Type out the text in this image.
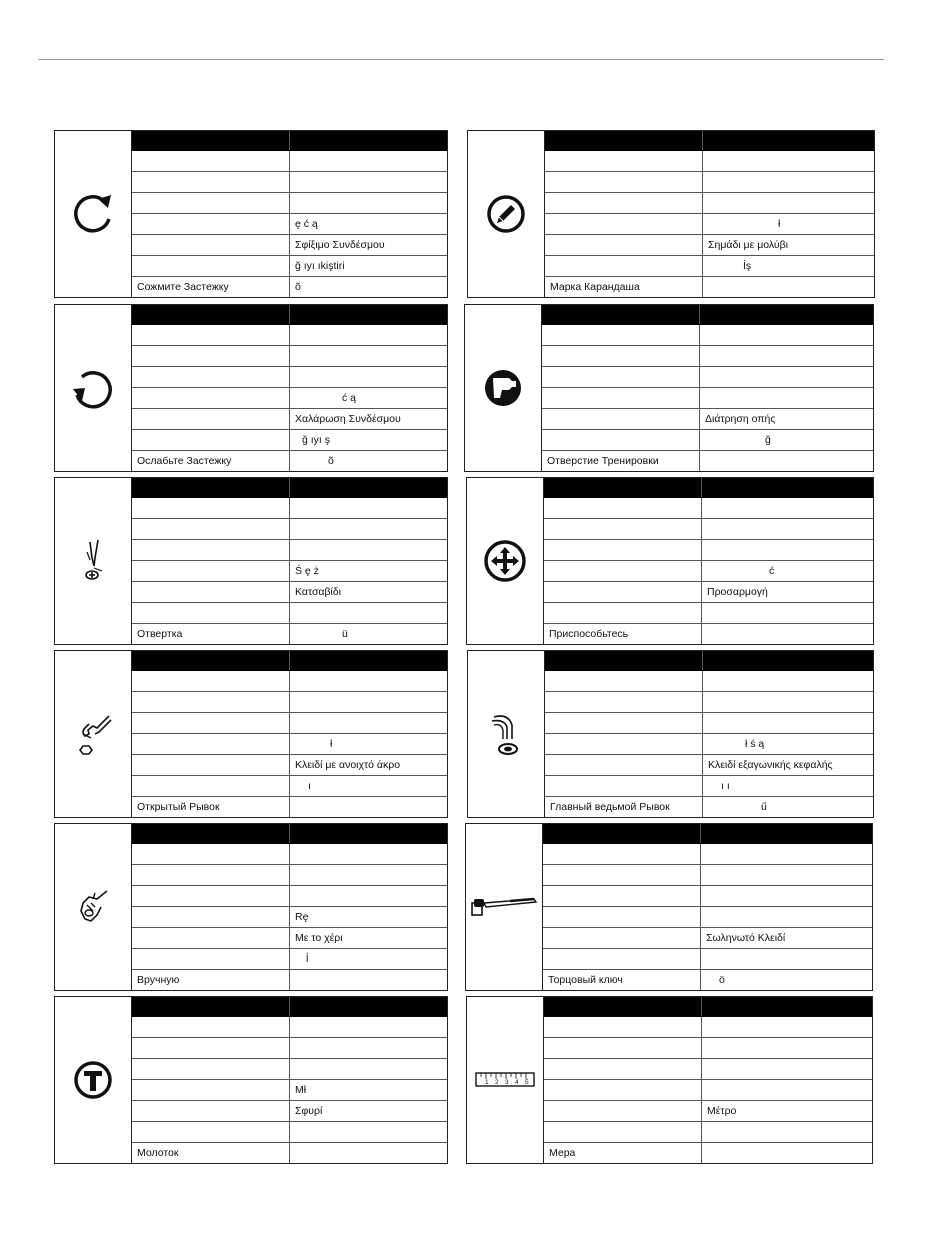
	ę ć ą
	Σφίξιμο Συνδέσμου
	ğ ıyı ıkiştiri
Сожмите Застежку	õ

	ł
	Σημάδι με μολύβι
	İş
Марка Карандаша	

	ć ą
	Χαλάρωση Συνδέσμου
	ğ ıyı ş
Ослабьте Застежку	õ

	Διάτρηση οπής
	ğ
Отверстие Тренировки	

	Ś ę ż
	Κατσαβίδι

Отвертка	ü

	ć
	Προσαρμογή

Приспособьтесь	

	ł
	Κλειδί με ανοιχτό άκρο
	ı
Открытый Рывок	

	ł ś ą
	Κλειδί εξαγωνικής κεφαλής
	ı ı
Главный ведьмой Рывок	ű

	Rę
	Με το χέρι
	ĺ
Вручную	

	Σωληνωτό Κλειδί

Торцовый ключ	ö

	Mł
	Σφυρί

Молоток	
1 2 3 4 5

	Μέτρο

Мера	
